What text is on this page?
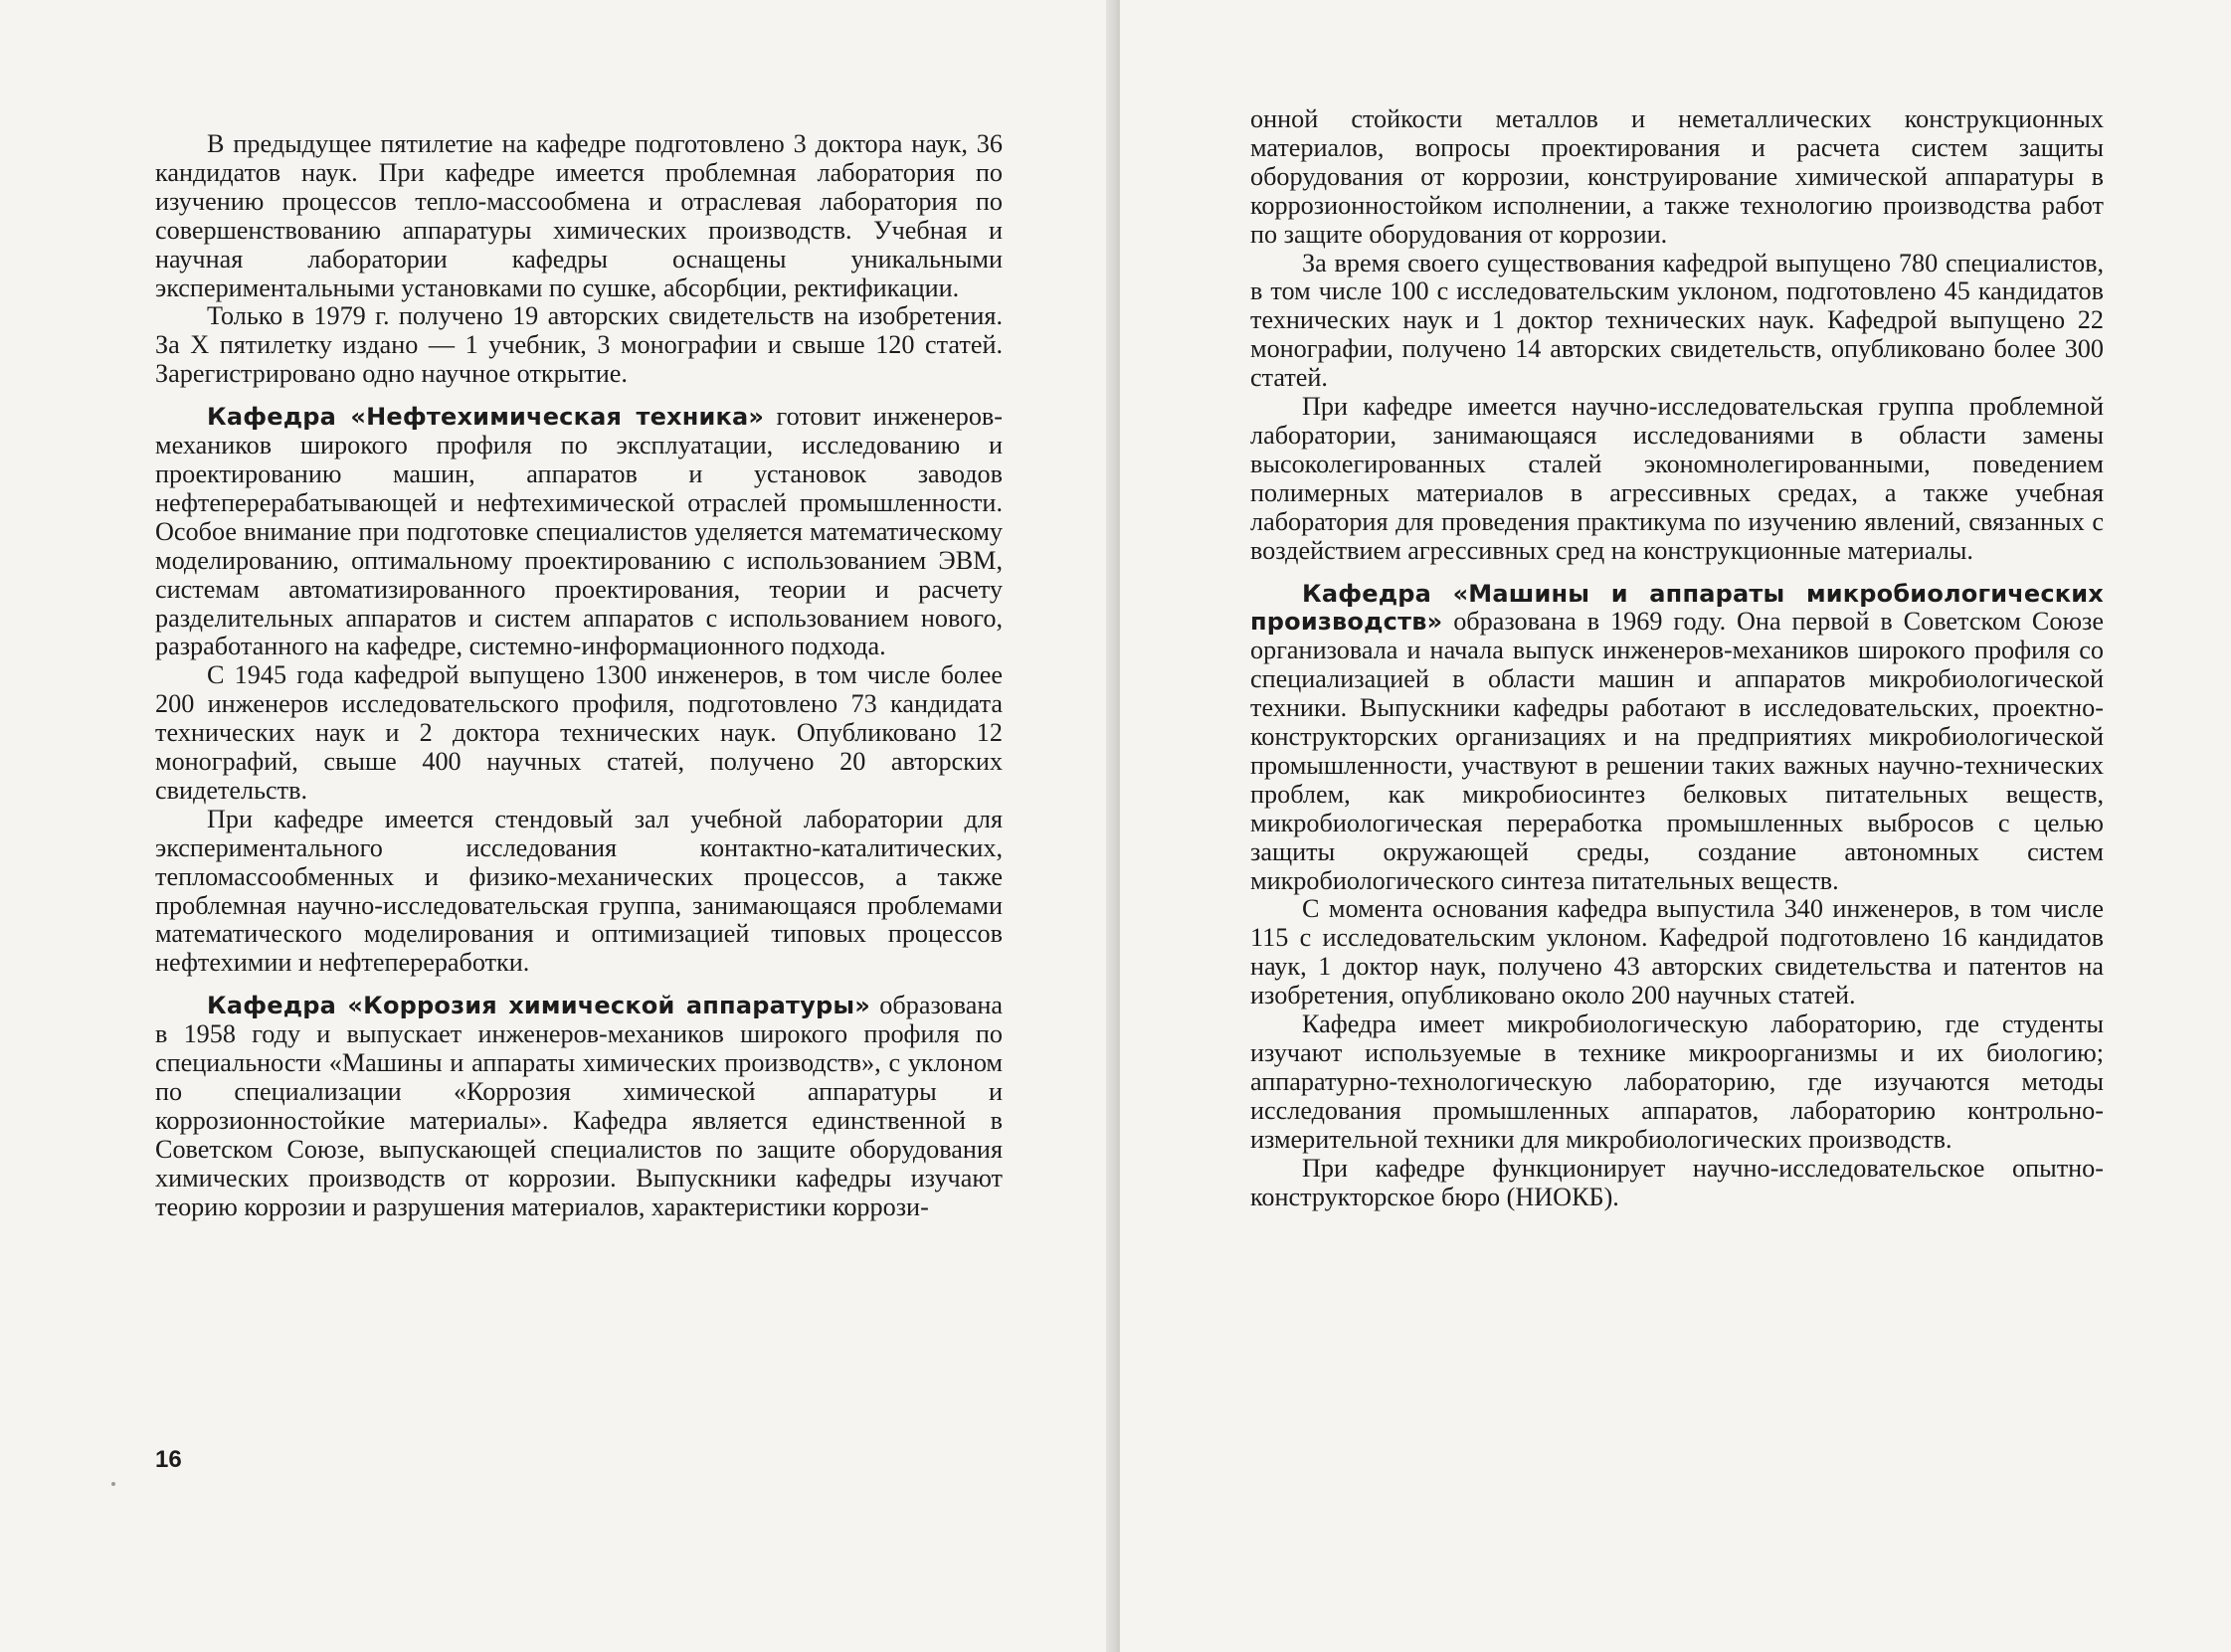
В предыдущее пятилетие на кафедре подготовлено 3 доктора наук, 36 кандидатов наук. При кафедре имеется проблемная лаборатория по изучению процессов тепло-массообмена и отраслевая лаборатория по совершенствованию аппаратуры химических производств. Учебная и научная лаборатории кафедры оснащены уникальными экспериментальными установками по сушке, абсорбции, ректификации.

Только в 1979 г. получено 19 авторских свидетельств на изобретения. За X пятилетку издано — 1 учебник, 3 монографии и свыше 120 статей. Зарегистрировано одно научное открытие.

Кафедра «Нефтехимическая техника» готовит инженеров-механиков широкого профиля по эксплуатации, исследованию и проектированию машин, аппаратов и установок заводов нефтеперерабатывающей и нефтехимической отраслей промышленности. Особое внимание при подготовке специалистов уделяется математическому моделированию, оптимальному проектированию с использованием ЭВМ, системам автоматизированного проектирования, теории и расчету разделительных аппаратов и систем аппаратов с использованием нового, разработанного на кафедре, системно-информационного подхода.

С 1945 года кафедрой выпущено 1300 инженеров, в том числе более 200 инженеров исследовательского профиля, подготовлено 73 кандидата технических наук и 2 доктора технических наук. Опубликовано 12 монографий, свыше 400 научных статей, получено 20 авторских свидетельств.

При кафедре имеется стендовый зал учебной лаборатории для экспериментального исследования контактно-каталитических, тепломассообменных и физико-механических процессов, а также проблемная научно-исследовательская группа, занимающаяся проблемами математического моделирования и оптимизацией типовых процессов нефтехимии и нефтепереработки.

Кафедра «Коррозия химической аппаратуры» образована в 1958 году и выпускает инженеров-механиков широкого профиля по специальности «Машины и аппараты химических производств», с уклоном по специализации «Коррозия химической аппаратуры и коррозионностойкие материалы». Кафедра является единственной в Советском Союзе, выпускающей специалистов по защите оборудования химических производств от коррозии. Выпускники кафедры изучают теорию коррозии и разрушения материалов, характеристики коррози-

16

онной стойкости металлов и неметаллических конструкционных материалов, вопросы проектирования и расчета систем защиты оборудования от коррозии, конструирование химической аппаратуры в коррозионностойком исполнении, а также технологию производства работ по защите оборудования от коррозии.

За время своего существования кафедрой выпущено 780 специалистов, в том числе 100 с исследовательским уклоном, подготовлено 45 кандидатов технических наук и 1 доктор технических наук. Кафедрой выпущено 22 монографии, получено 14 авторских свидетельств, опубликовано более 300 статей.

При кафедре имеется научно-исследовательская группа проблемной лаборатории, занимающаяся исследованиями в области замены высоколегированных сталей экономнолегированными, поведением полимерных материалов в агрессивных средах, а также учебная лаборатория для проведения практикума по изучению явлений, связанных с воздействием агрессивных сред на конструкционные материалы.

Кафедра «Машины и аппараты микробиологических производств» образована в 1969 году. Она первой в Советском Союзе организовала и начала выпуск инженеров-механиков широкого профиля со специализацией в области машин и аппаратов микробиологической техники. Выпускники кафедры работают в исследовательских, проектно-конструкторских организациях и на предприятиях микробиологической промышленности, участвуют в решении таких важных научно-технических проблем, как микробиосинтез белковых питательных веществ, микробиологическая переработка промышленных выбросов с целью защиты окружающей среды, создание автономных систем микробиологического синтеза питательных веществ.

С момента основания кафедра выпустила 340 инженеров, в том числе 115 с исследовательским уклоном. Кафедрой подготовлено 16 кандидатов наук, 1 доктор наук, получено 43 авторских свидетельства и патентов на изобретения, опубликовано около 200 научных статей.

Кафедра имеет микробиологическую лабораторию, где студенты изучают используемые в технике микроорганизмы и их биологию; аппаратурно-технологическую лабораторию, где изучаются методы исследования промышленных аппаратов, лабораторию контрольно-измерительной техники для микробиологических производств.

При кафедре функционирует научно-исследовательское опытно-конструкторское бюро (НИОКБ).
